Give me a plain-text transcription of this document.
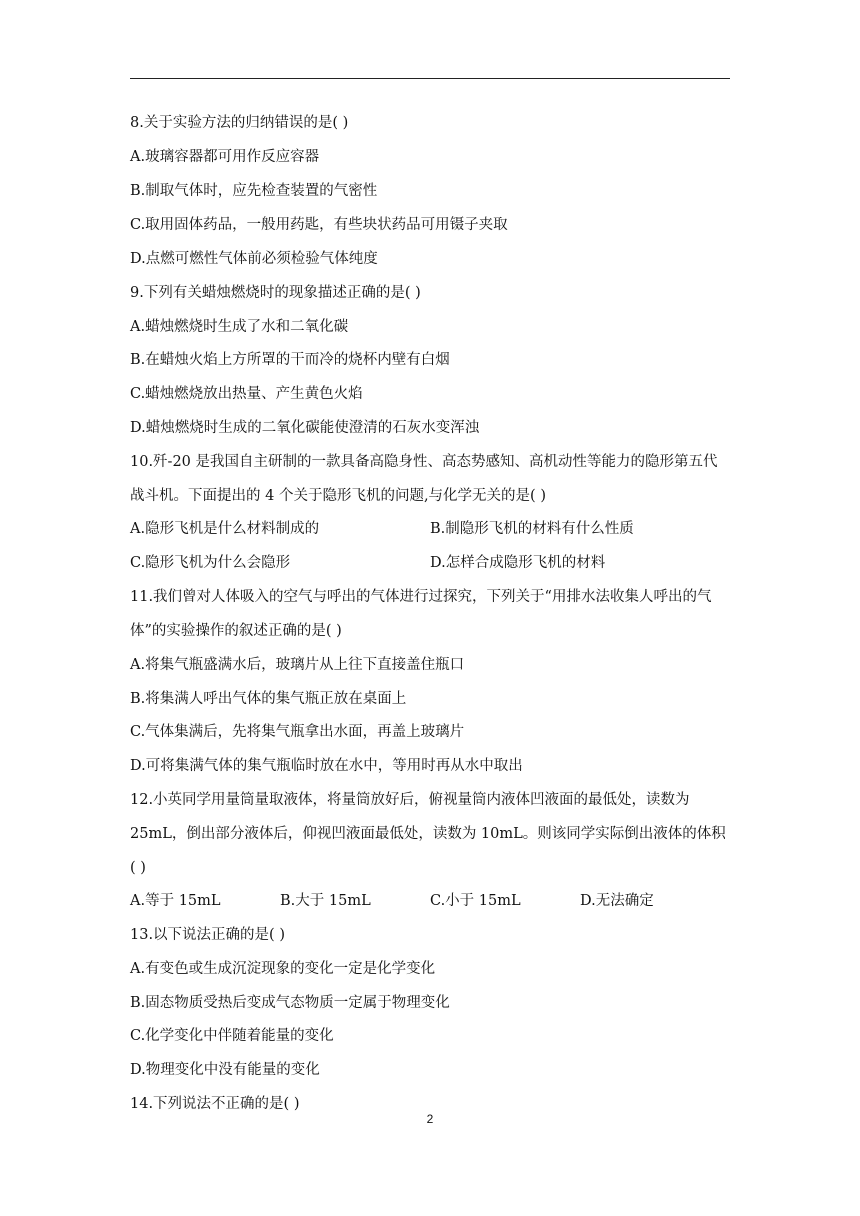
8.关于实验方法的归纳错误的是( )
A.玻璃容器都可用作反应容器
B.制取气体时，应先检查装置的气密性
C.取用固体药品，一般用药匙，有些块状药品可用镊子夹取
D.点燃可燃性气体前必须检验气体纯度
9.下列有关蜡烛燃烧时的现象描述正确的是( )
A.蜡烛燃烧时生成了水和二氧化碳
B.在蜡烛火焰上方所罩的干而冷的烧杯内壁有白烟
C.蜡烛燃烧放出热量、产生黄色火焰
D.蜡烛燃烧时生成的二氧化碳能使澄清的石灰水变浑浊
10.歼-20 是我国自主研制的一款具备高隐身性、高态势感知、高机动性等能力的隐形第五代
战斗机。下面提出的 4 个关于隐形飞机的问题,与化学无关的是( )
A.隐形飞机是什么材料制成的	B.制隐形飞机的材料有什么性质
C.隐形飞机为什么会隐形	D.怎样合成隐形飞机的材料
11.我们曾对人体吸入的空气与呼出的气体进行过探究，下列关于“用排水法收集人呼出的气
体”的实验操作的叙述正确的是( )
A.将集气瓶盛满水后，玻璃片从上往下直接盖住瓶口
B.将集满人呼出气体的集气瓶正放在桌面上
C.气体集满后，先将集气瓶拿出水面，再盖上玻璃片
D.可将集满气体的集气瓶临时放在水中，等用时再从水中取出
12.小英同学用量筒量取液体，将量筒放好后，俯视量筒内液体凹液面的最低处，读数为
25mL，倒出部分液体后，仰视凹液面最低处，读数为 10mL。则该同学实际倒出液体的体积
( )
A.等于 15mL	B.大于 15mL	C.小于 15mL	D.无法确定
13.以下说法正确的是( )
A.有变色或生成沉淀现象的变化一定是化学变化
B.固态物质受热后变成气态物质一定属于物理变化
C.化学变化中伴随着能量的变化
D.物理变化中没有能量的变化
14.下列说法不正确的是( )
2
